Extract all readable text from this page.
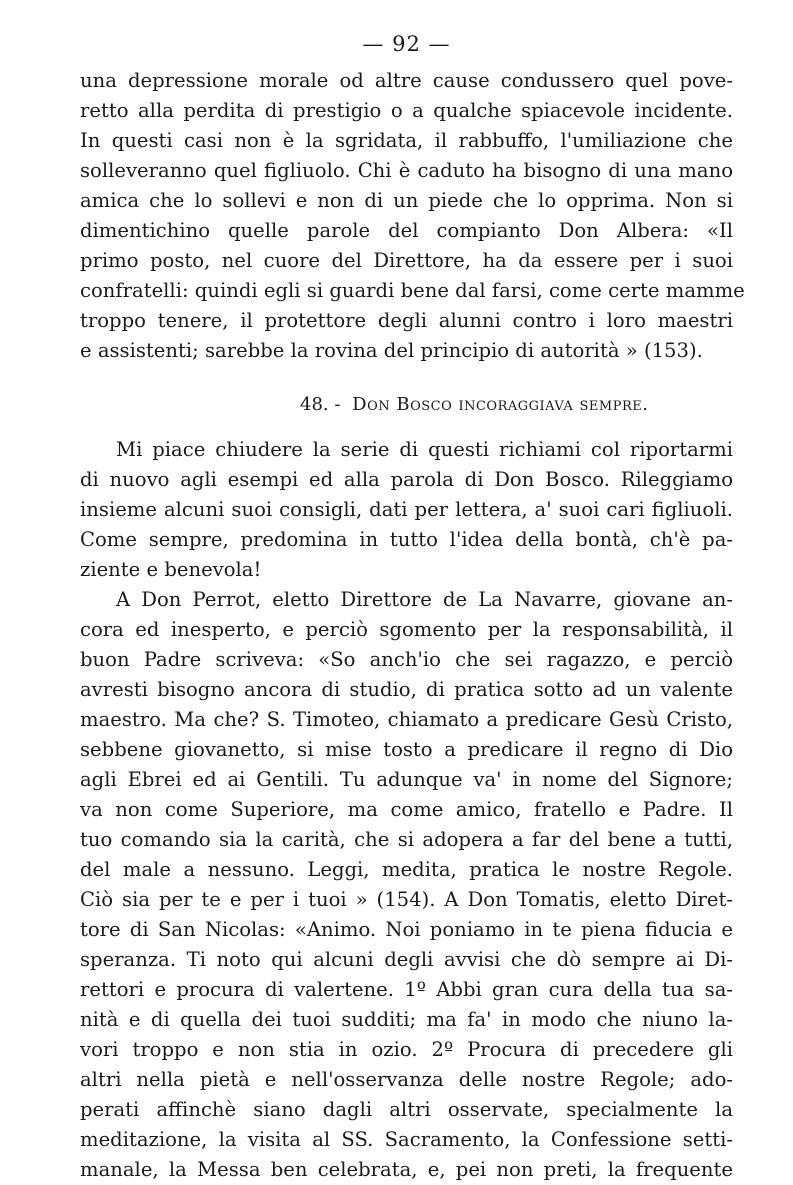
— 92 —
una depressione morale od altre cause condussero quel pove-
retto alla perdita di prestigio o a qualche spiacevole incidente.
In questi casi non è la sgridata, il rabbuffo, l'umiliazione che
solleveranno quel figliuolo. Chi è caduto ha bisogno di una mano
amica che lo sollevi e non di un piede che lo opprima. Non si
dimentichino quelle parole del compianto Don Albera: «Il
primo posto, nel cuore del Direttore, ha da essere per i suoi
confratelli: quindi egli si guardi bene dal farsi, come certe mamme
troppo tenere, il protettore degli alunni contro i loro maestri
e assistenti; sarebbe la rovina del principio di autorità » (153).
48. - Don Bosco incoraggiava sempre.
Mi piace chiudere la serie di questi richiami col riportarmi
di nuovo agli esempi ed alla parola di Don Bosco. Rileggiamo
insieme alcuni suoi consigli, dati per lettera, a' suoi cari figliuoli.
Come sempre, predomina in tutto l'idea della bontà, ch'è pa-
ziente e benevola!
A Don Perrot, eletto Direttore de La Navarre, giovane an-
cora ed inesperto, e perciò sgomento per la responsabilità, il
buon Padre scriveva: «So anch'io che sei ragazzo, e perciò
avresti bisogno ancora di studio, di pratica sotto ad un valente
maestro. Ma che? S. Timoteo, chiamato a predicare Gesù Cristo,
sebbene giovanetto, si mise tosto a predicare il regno di Dio
agli Ebrei ed ai Gentili. Tu adunque va' in nome del Signore;
va non come Superiore, ma come amico, fratello e Padre. Il
tuo comando sia la carità, che si adopera a far del bene a tutti,
del male a nessuno. Leggi, medita, pratica le nostre Regole.
Ciò sia per te e per i tuoi » (154). A Don Tomatis, eletto Diret-
tore di San Nicolas: «Animo. Noi poniamo in te piena fiducia e
speranza. Ti noto qui alcuni degli avvisi che dò sempre ai Di-
rettori e procura di valertene. 1º Abbi gran cura della tua sa-
nità e di quella dei tuoi sudditi; ma fa' in modo che niuno la-
vori troppo e non stia in ozio. 2º Procura di precedere gli
altri nella pietà e nell'osservanza delle nostre Regole; ado-
perati affinchè siano dagli altri osservate, specialmente la
meditazione, la visita al SS. Sacramento, la Confessione setti-
manale, la Messa ben celebrata, e, pei non preti, la frequente
